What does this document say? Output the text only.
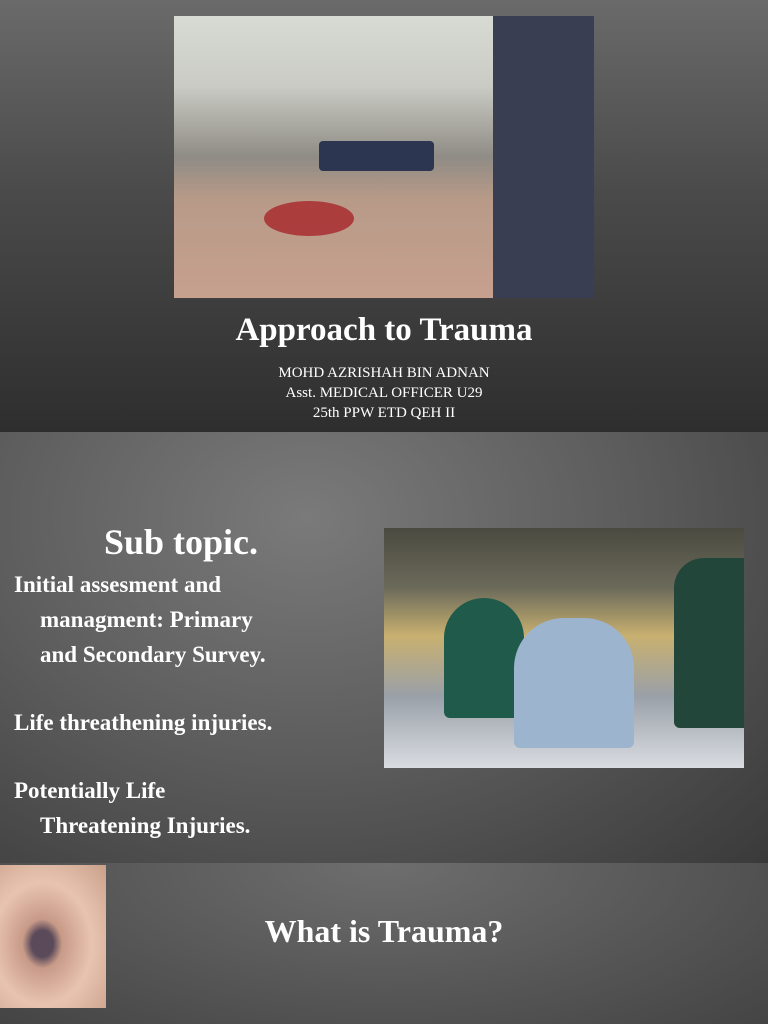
Approach to Trauma
MOHD AZRISHAH BIN ADNAN
Asst. MEDICAL OFFICER U29
25th PPW ETD QEH II
Sub topic.

Initial assesment and

managment: Primary

and Secondary Survey.

Life threathening injuries.

Potentially Life

Threatening Injuries.

What is Trauma?
